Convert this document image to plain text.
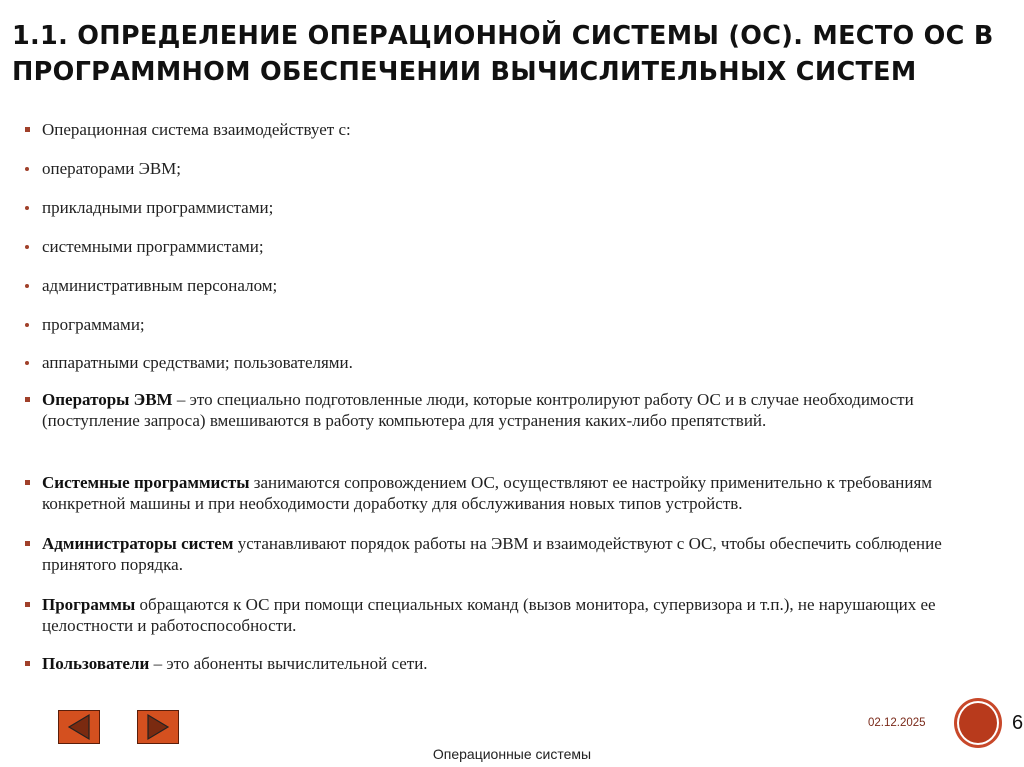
1.1. ОПРЕДЕЛЕНИЕ ОПЕРАЦИОННОЙ СИСТЕМЫ (ОС). МЕСТО ОС В ПРОГРАММНОМ ОБЕСПЕЧЕНИИ ВЫЧИСЛИТЕЛЬНЫХ СИСТЕМ
Операционная система взаимодействует с:
операторами ЭВМ;
прикладными программистами;
системными программистами;
административным персоналом;
программами;
аппаратными средствами; пользователями.
Операторы ЭВМ – это специально подготовленные люди, которые контролируют работу ОС и в случае необходимости (поступление запроса) вмешиваются в работу компьютера для устранения каких-либо препятствий.
Системные программисты занимаются сопровождением ОС, осуществляют ее настройку применительно к требованиям конкретной машины и при необходимости доработку для обслуживания новых типов устройств.
Администраторы систем устанавливают порядок работы на ЭВМ и взаимодействуют с ОС, чтобы обеспечить соблюдение принятого порядка.
Программы обращаются к ОС при помощи специальных команд (вызов монитора, супервизора и т.п.), не нарушающих ее целостности и работоспособности.
Пользователи – это абоненты вычислительной сети.
02.12.2025	6
Операционные системы
